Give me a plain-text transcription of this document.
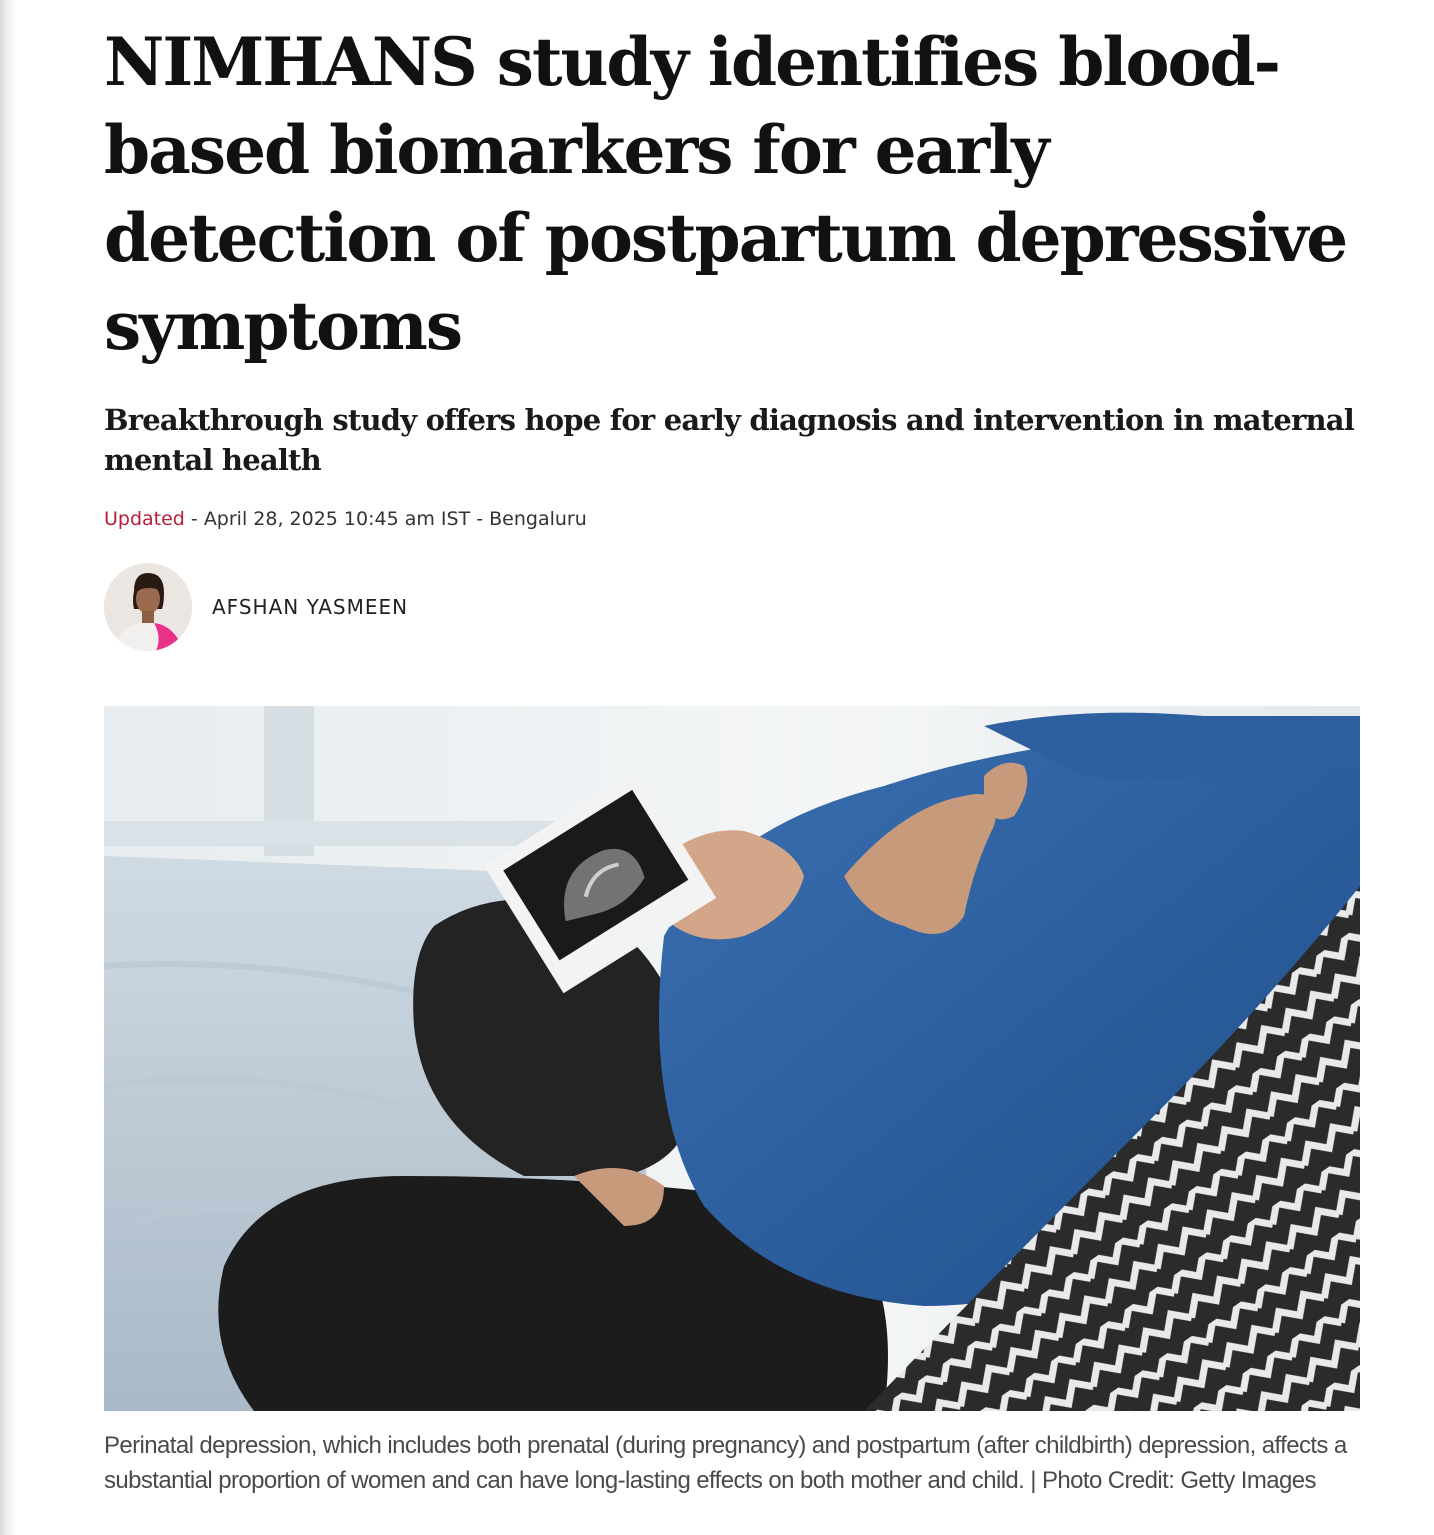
NIMHANS study identifies blood-based biomarkers for early detection of postpartum depressive symptoms
Breakthrough study offers hope for early diagnosis and intervention in maternal mental health
Updated - April 28, 2025 10:45 am IST - Bengaluru
AFSHAN YASMEEN
Perinatal depression, which includes both prenatal (during pregnancy) and postpartum (after childbirth) depression, affects a substantial proportion of women and can have long-lasting effects on both mother and child. | Photo Credit: Getty Images
